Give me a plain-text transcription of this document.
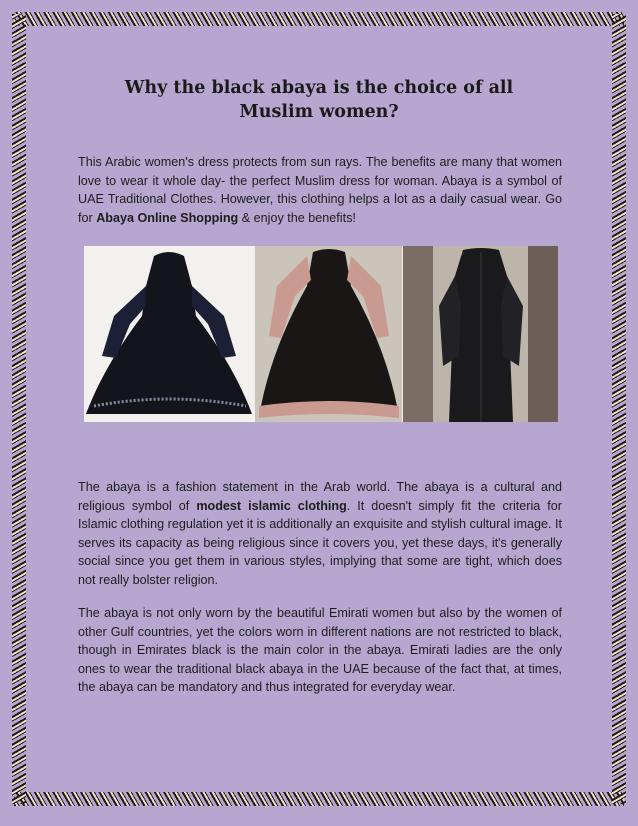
Why the black abaya is the choice of all Muslim women?

This Arabic women's dress protects from sun rays. The benefits are many that women love to wear it whole day- the perfect Muslim dress for woman. Abaya is a symbol of UAE Traditional Clothes. However, this clothing helps a lot as a daily casual wear. Go for Abaya Online Shopping & enjoy the benefits!

The abaya is a fashion statement in the Arab world. The abaya is a cultural and religious symbol of modest islamic clothing. It doesn't simply fit the criteria for Islamic clothing regulation yet it is additionally an exquisite and stylish cultural image. It serves its capacity as being religious since it covers you, yet these days, it's generally social since you get them in various styles, implying that some are tight, which does not really bolster religion.

The abaya is not only worn by the beautiful Emirati women but also by the women of other Gulf countries, yet the colors worn in different nations are not restricted to black, though in Emirates black is the main color in the abaya. Emirati ladies are the only ones to wear the traditional black abaya in the UAE because of the fact that, at times, the abaya can be mandatory and thus integrated for everyday wear.
